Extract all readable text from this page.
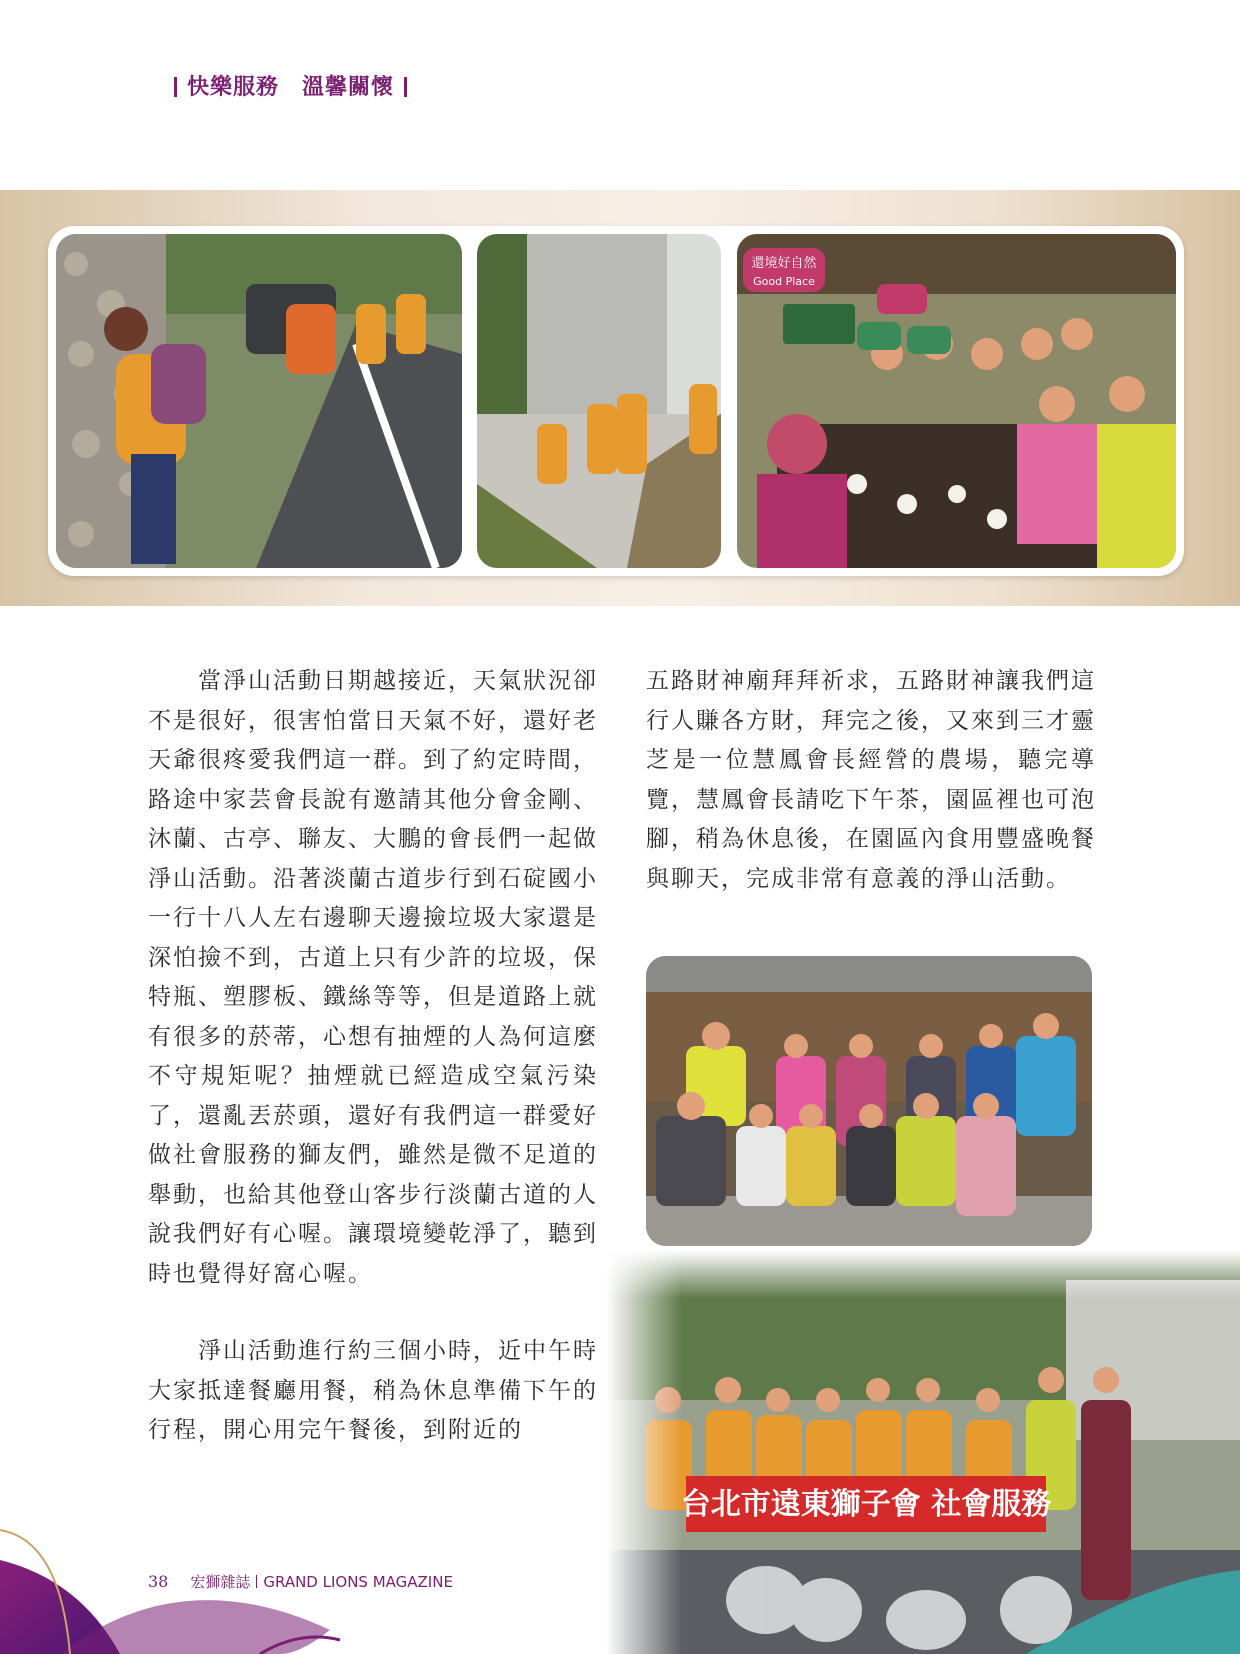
快樂服務　溫馨關懷
還境好自然
Good Place

　　當淨山活動日期越接近，天氣狀況卻不是很好，很害怕當日天氣不好，還好老天爺很疼愛我們這一群。到了約定時間，路途中家芸會長說有邀請其他分會金剛、沐蘭、古亭、聯友、大鵬的會長們一起做淨山活動。沿著淡蘭古道步行到石碇國小一行十八人左右邊聊天邊撿垃圾大家還是深怕撿不到，古道上只有少許的垃圾，保特瓶、塑膠板、鐵絲等等，但是道路上就有很多的菸蒂，心想有抽煙的人為何這麼不守規矩呢？抽煙就已經造成空氣污染了，還亂丟菸頭，還好有我們這一群愛好做社會服務的獅友們，雖然是微不足道的舉動，也給其他登山客步行淡蘭古道的人說我們好有心喔。讓環境變乾淨了，聽到時也覺得好窩心喔。

　　淨山活動進行約三個小時，近中午時大家抵達餐廳用餐，稍為休息準備下午的行程，開心用完午餐後，到附近的

五路財神廟拜拜祈求，五路財神讓我們這行人賺各方財，拜完之後，又來到三才靈芝是一位慧鳳會長經營的農場，聽完導覽，慧鳳會長請吃下午茶，園區裡也可泡腳，稍為休息後，在園區內食用豐盛晚餐與聊天，完成非常有意義的淨山活動。

38 宏獅雜誌 GRAND LIONS MAGAZINE
